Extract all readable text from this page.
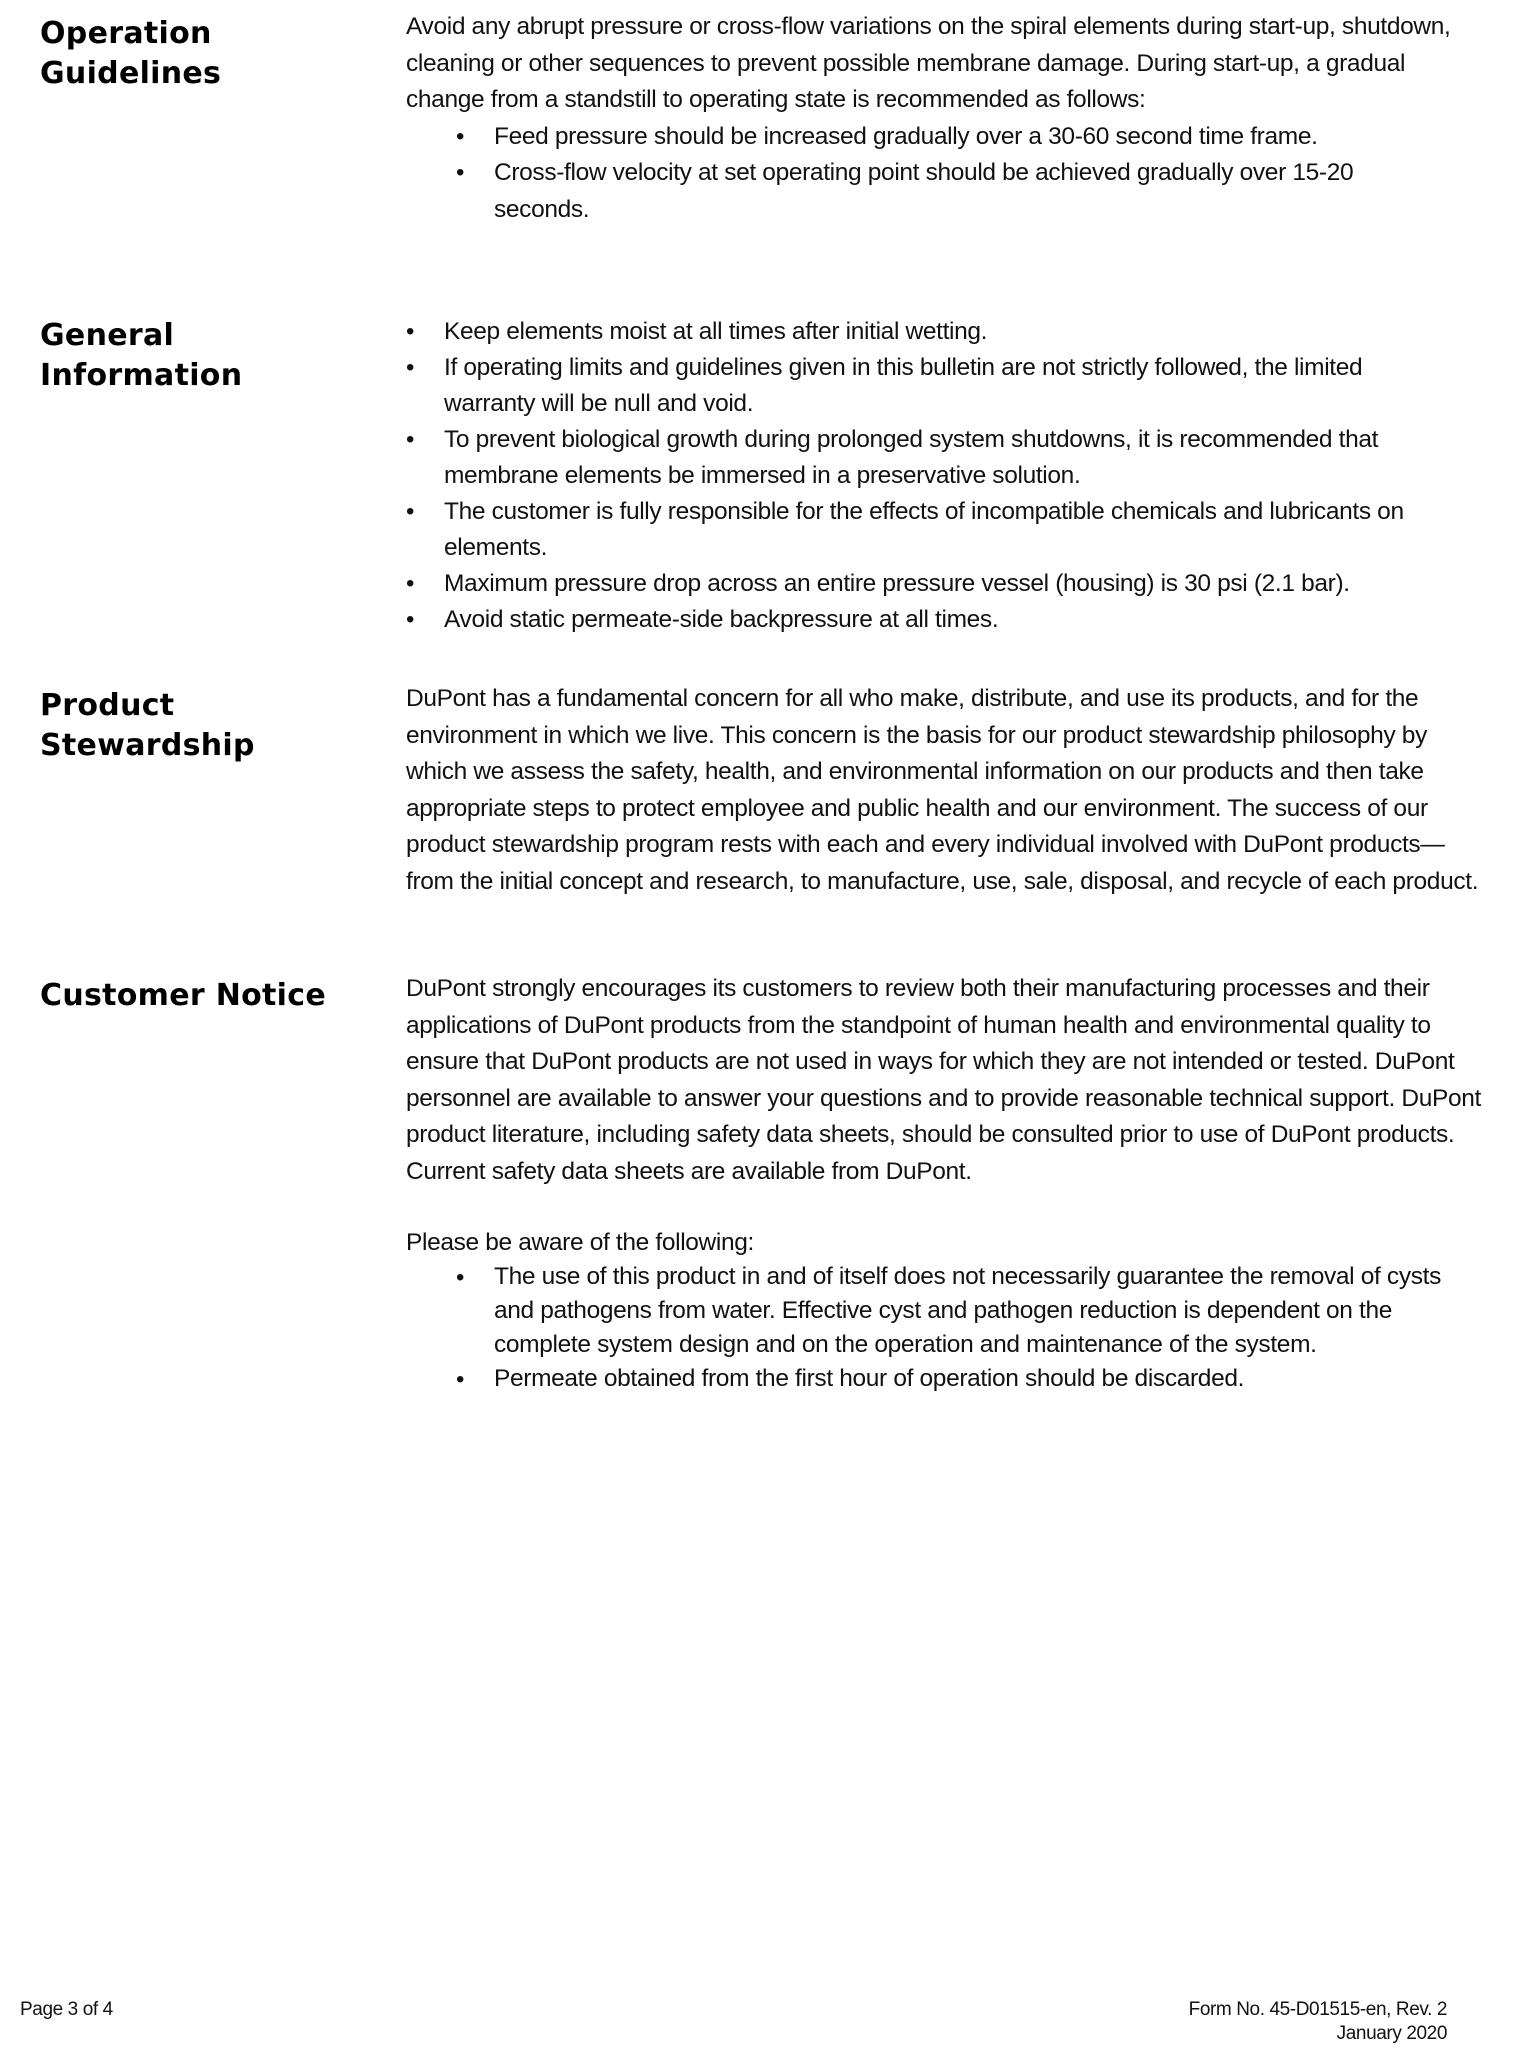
Operation
Guidelines

Avoid any abrupt pressure or cross-flow variations on the spiral elements during start-up, shutdown, cleaning or other sequences to prevent possible membrane damage. During start-up, a gradual change from a standstill to operating state is recommended as follows:

• Feed pressure should be increased gradually over a 30-60 second time frame.
• Cross-flow velocity at set operating point should be achieved gradually over 15-20 seconds.
General
Information
• Keep elements moist at all times after initial wetting.
• If operating limits and guidelines given in this bulletin are not strictly followed, the limited warranty will be null and void.
• To prevent biological growth during prolonged system shutdowns, it is recommended that membrane elements be immersed in a preservative solution.
• The customer is fully responsible for the effects of incompatible chemicals and lubricants on elements.
• Maximum pressure drop across an entire pressure vessel (housing) is 30 psi (2.1 bar).
• Avoid static permeate-side backpressure at all times.
Product
Stewardship

DuPont has a fundamental concern for all who make, distribute, and use its products, and for the environment in which we live. This concern is the basis for our product stewardship philosophy by which we assess the safety, health, and environmental information on our products and then take appropriate steps to protect employee and public health and our environment. The success of our product stewardship program rests with each and every individual involved with DuPont products—from the initial concept and research, to manufacture, use, sale, disposal, and recycle of each product.

Customer Notice	DuPont strongly encourages its customers to review both their manufacturing processes and their applications of DuPont products from the standpoint of human health and environmental quality to ensure that DuPont products are not used in ways for which they are not intended or tested. DuPont personnel are available to answer your questions and to provide reasonable technical support. DuPont product literature, including safety data sheets, should be consulted prior to use of DuPont products. Current safety data sheets are available from DuPont.

Please be aware of the following:

• The use of this product in and of itself does not necessarily guarantee the removal of cysts and pathogens from water. Effective cyst and pathogen reduction is dependent on the complete system design and on the operation and maintenance of the system.
• Permeate obtained from the first hour of operation should be discarded.
Page 3 of 4	Form No. 45-D01515-en, Rev. 2
January 2020
